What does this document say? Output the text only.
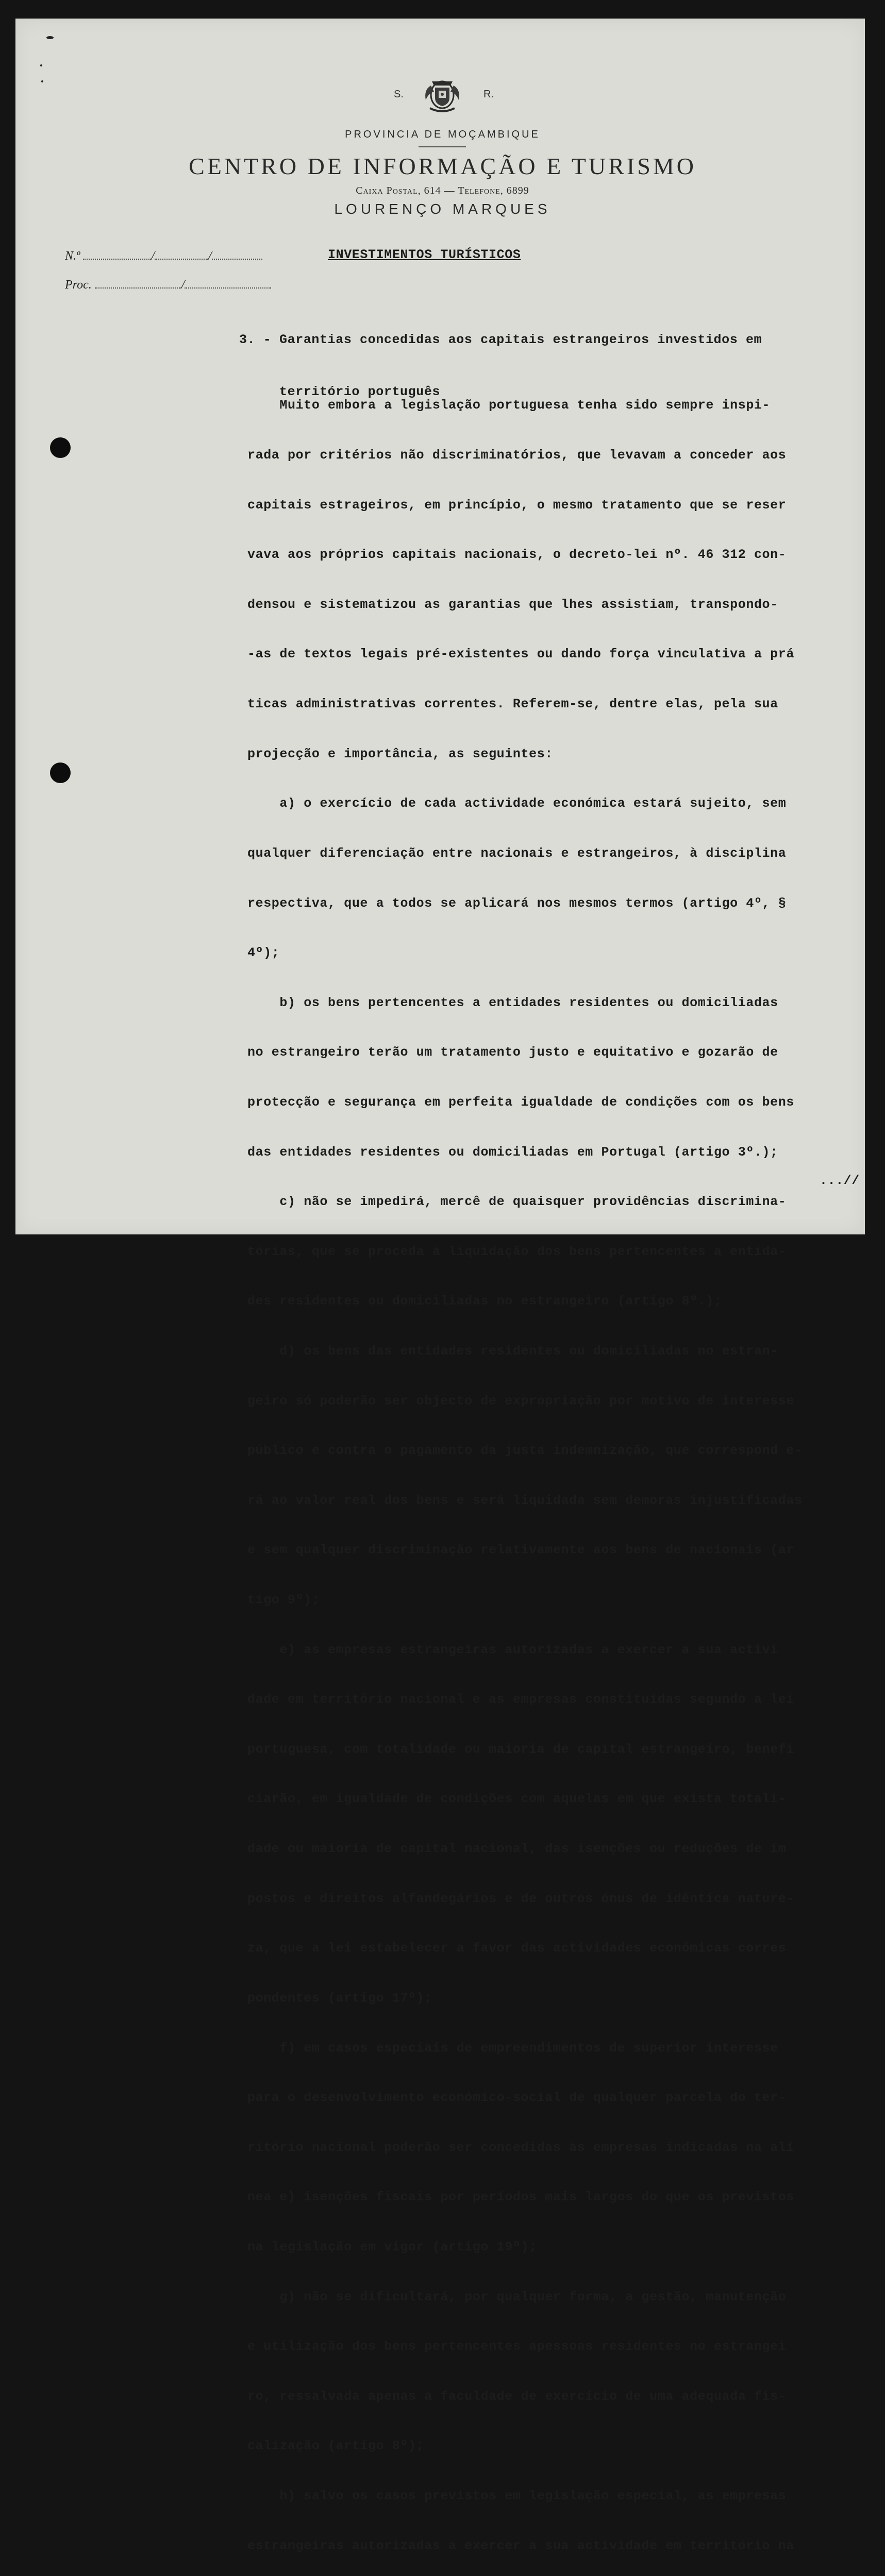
S.	R.
PROVINCIA DE MOÇAMBIQUE
CENTRO DE INFORMAÇÃO E TURISMO
Caixa Postal, 614 — Telefone, 6899
LOURENÇO MARQUES
N.º	/	/
Proc.	/
INVESTIMENTOS TURÍSTICOS

3. - Garantias concedidas aos capitais estrangeiros investidos em

território português

Muito embora a legislação portuguesa tenha sido sempre inspi-

rada por critérios não discriminatórios, que levavam a conceder aos

capitais estrageiros, em princípio, o mesmo tratamento que se reser

vava aos próprios capitais nacionais, o decreto-lei nº. 46 312 con-

densou e sistematizou as garantias que lhes assistiam, transpondo-

-as de textos legais pré-existentes ou dando força vinculativa a prá

ticas administrativas correntes. Referem-se, dentre elas, pela sua

projecção e importância, as seguintes:

a) o exercício de cada actividade económica estará sujeito, sem

qualquer diferenciação entre nacionais e estrangeiros, à disciplina

respectiva, que a todos se aplicará nos mesmos termos (artigo 4º, §

4º);

b) os bens pertencentes a entidades residentes ou domiciliadas

no estrangeiro terão um tratamento justo e equitativo e gozarão de

protecção e segurança em perfeita igualdade de condições com os bens

das entidades residentes ou domiciliadas em Portugal (artigo 3º.);

c) não se impedirá, mercê de quaisquer providências discrimina-

tórias, que se proceda à liquidação dos bens pertencentes a entida-

des residentes ou domiciliadas no estrangeiro (artigo 8º.);

d) os bens das entidades residentes ou domiciliadas no estran-

geiro só poderão ser objecto de expropriação por motivo de interesse

público e contra o pagamento da justa indemnização, que correspond e-

rá ao valor real dos bens e será liquidada sem demoras injustificadas

e sem qualquer discriminação relativamente aos bens de nacionais (ar

tigo 9º);

e) as empresas estrangeiras autorizadas a exercer a sua activi

dade em território nacional e as empresas constituídas segundo a lei

portuguesa, com totalidade ou maioria de capital estrangeiro, benefi

ciarão, em igualdade de condições com aquelas em que exista totali-

dade ou maioria de capital nacional, das isenções ou reduções de im

postos e direitos alfandegários e de outros ónus de idêntica nature-

za, que a lei estabelecer a favor das actividades económicas corres

pondentes (artigo 17º);

f) em casos especiais de empreendimentos de superior interesse

para o desenvolvimento económico-social de qualquer parcela do ter-

ritório nacional poderão ser concedidas às empresas indicadas na alí

nea e) isenções fiscais por períodos mais largos do que os previstos

na legislação em vigor (artigo 19º);

g) não se dificultará, por qualquer forma, a gestão, manutenção

e utilização dos bens pertencentes apessoas residentes no estrangei

ro, ressalvada apenas a faculdade de exercício de uma adequada fis-

calização (artigo 8º);

h) salvo os casos previstos em legislação especial, as empresas

estrangeiras autorizadas a exercer a sua actividade em território na

...//
